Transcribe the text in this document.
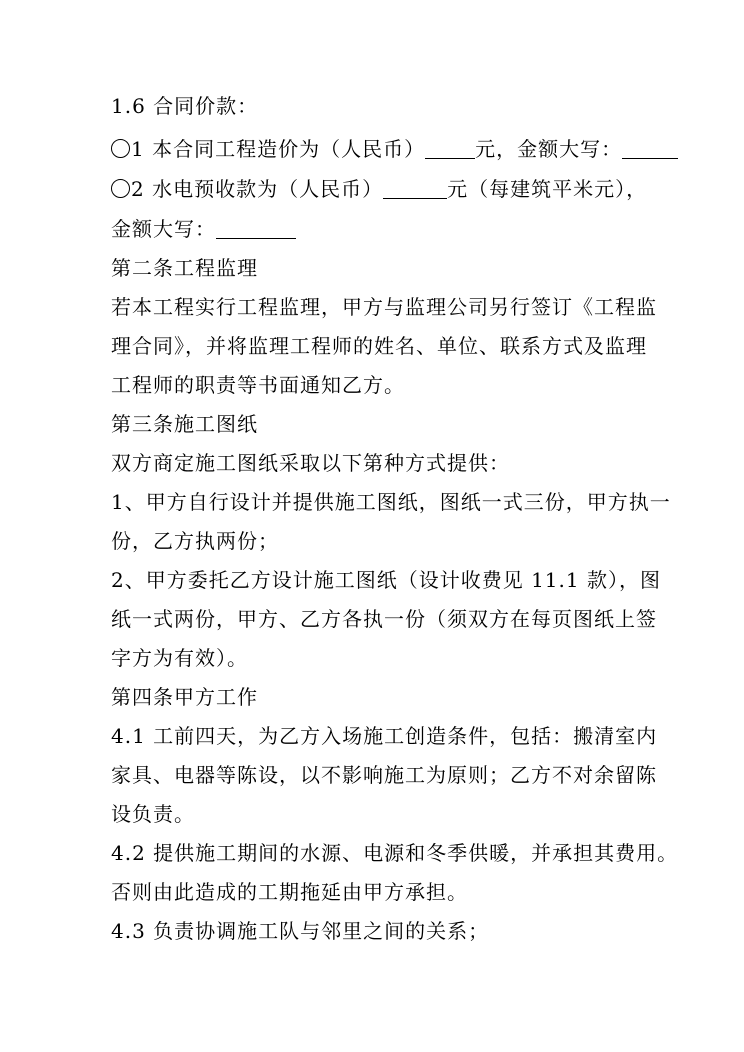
1.6 合同价款：
1 本合同工程造价为（人民币）	元，金额大写：
2 水电预收款为（人民币）	元（每建筑平米元），
金额大写：
第二条工程监理
若本工程实行工程监理，甲方与监理公司另行签订《工程监
理合同》，并将监理工程师的姓名、单位、联系方式及监理
工程师的职责等书面通知乙方。
第三条施工图纸
双方商定施工图纸采取以下第种方式提供：
1、甲方自行设计并提供施工图纸，图纸一式三份，甲方执一
份，乙方执两份；
2、甲方委托乙方设计施工图纸（设计收费见 11.1 款），图
纸一式两份，甲方、乙方各执一份（须双方在每页图纸上签
字方为有效）。
第四条甲方工作
4.1 工前四天，为乙方入场施工创造条件，包括：搬清室内
家具、电器等陈设，以不影响施工为原则；乙方不对余留陈
设负责。
4.2 提供施工期间的水源、电源和冬季供暖，并承担其费用。
否则由此造成的工期拖延由甲方承担。
4.3 负责协调施工队与邻里之间的关系；
